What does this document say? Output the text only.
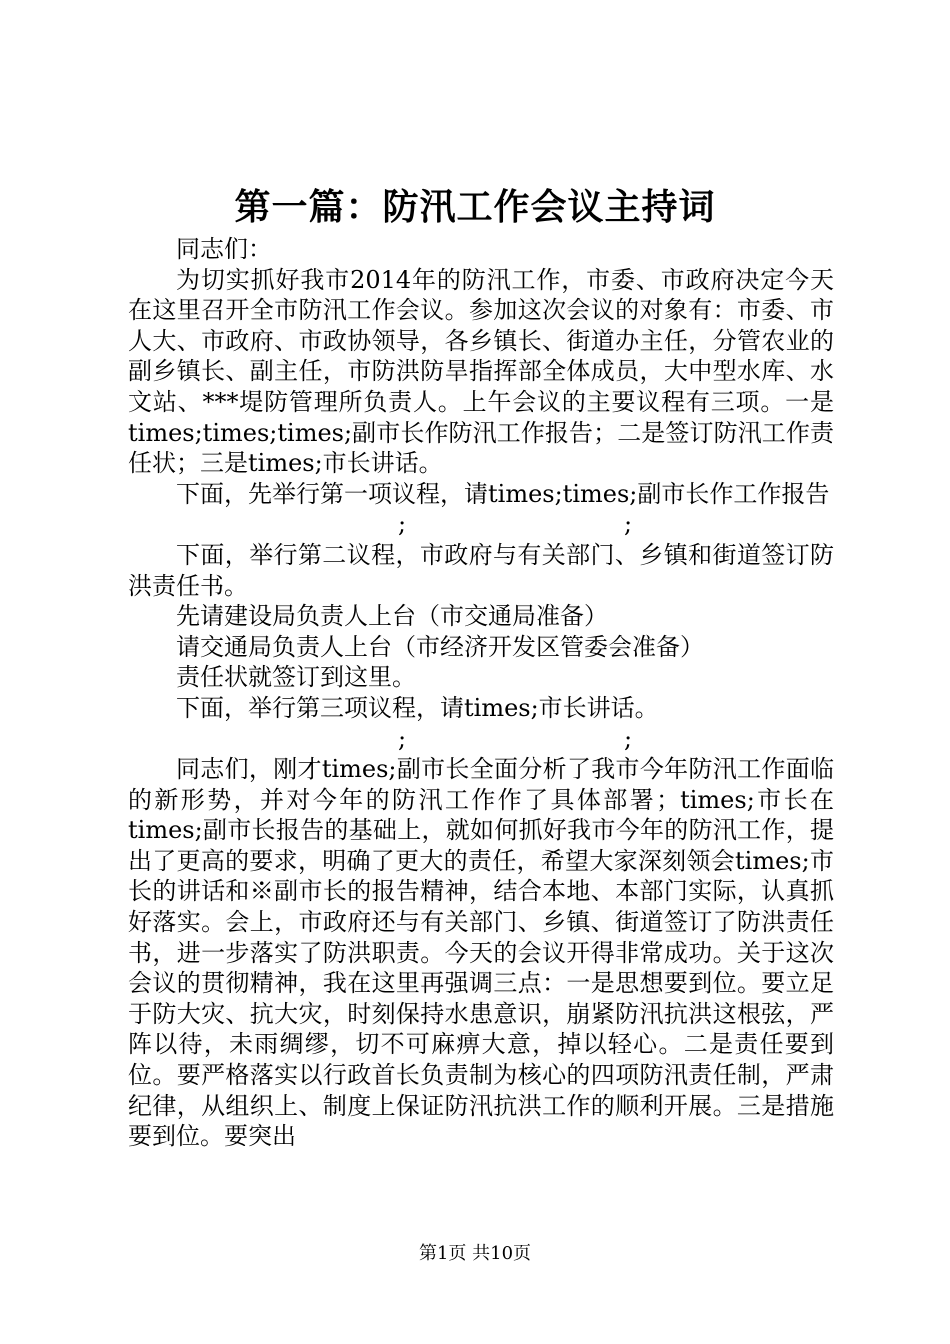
第一篇：防汛工作会议主持词

同志们：

为切实抓好我市2014年的防汛工作，市委、市政府决定今天在这里召开全市防汛工作会议。参加这次会议的对象有：市委、市人大、市政府、市政协领导，各乡镇长、街道办主任，分管农业的副乡镇长、副主任，市防洪防旱指挥部全体成员，大中型水库、水文站、***堤防管理所负责人。上午会议的主要议程有三项。一是times;times;times;副市长作防汛工作报告；二是签订防汛工作责任状；三是times;市长讲话。

下面，先举行第一项议程，请times;times;副市长作工作报告

;	;

下面，举行第二议程，市政府与有关部门、乡镇和街道签订防洪责任书。

先请建设局负责人上台（市交通局准备）

请交通局负责人上台（市经济开发区管委会准备）

责任状就签订到这里。

下面，举行第三项议程，请times;市长讲话。

;	;

同志们，刚才times;副市长全面分析了我市今年防汛工作面临的新形势，并对今年的防汛工作作了具体部署；times;市长在times;副市长报告的基础上，就如何抓好我市今年的防汛工作，提出了更高的要求，明确了更大的责任，希望大家深刻领会times;市长的讲话和※副市长的报告精神，结合本地、本部门实际，认真抓好落实。会上，市政府还与有关部门、乡镇、街道签订了防洪责任书，进一步落实了防洪职责。今天的会议开得非常成功。关于这次会议的贯彻精神，我在这里再强调三点：一是思想要到位。要立足于防大灾、抗大灾，时刻保持水患意识，崩紧防汛抗洪这根弦，严阵以待，未雨绸缪，切不可麻痹大意，掉以轻心。二是责任要到位。要严格落实以行政首长负责制为核心的四项防汛责任制，严肃纪律，从组织上、制度上保证防汛抗洪工作的顺利开展。三是措施要到位。要突出

第1页 共10页
